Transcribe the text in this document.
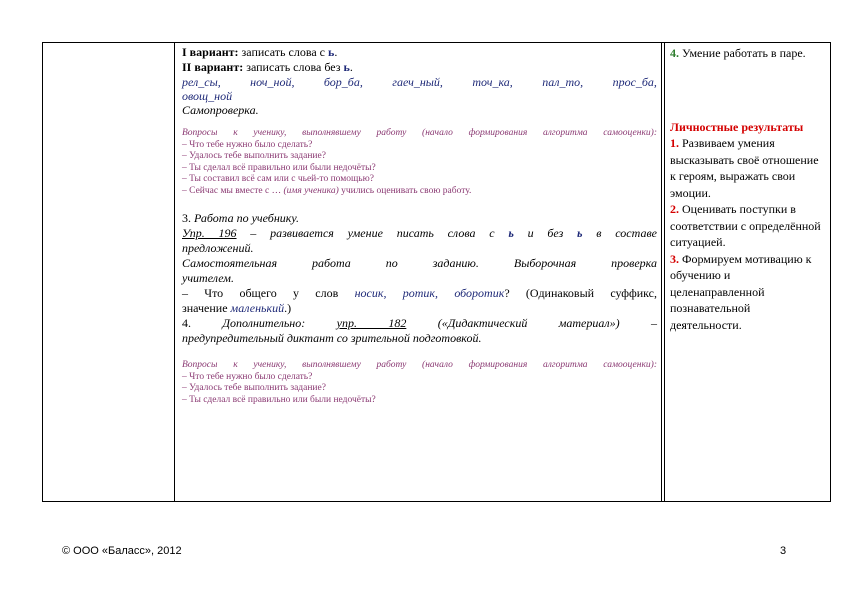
I вариант: записать слова с ь.

II вариант: записать слова без ь.

рел_сы, ноч_ной, бор_ба, гаеч_ный, точ_ка, пал_то, прос_ба,
овощ_ной

Самопроверка.

Вопросы к ученику, выполнявшему работу (начало формирования алгоритма самооценки):

– Что тебе нужно было сделать?

– Удалось тебе выполнить задание?

– Ты сделал всё правильно или были недочёты?

– Ты составил всё сам или с чьей-то помощью?

– Сейчас мы вместе с … (имя ученика) учились оценивать свою работу.

3. Работа по учебнику.

Упр. 196 – развивается умение писать слова с ь и без ь в составе

предложений.

Самостоятельная работа по заданию. Выборочная проверка

учителем.

– Что общего у слов носик, ротик, оборотик? (Одинаковый суффикс,

значение маленький.)

4. Дополнительно: упр. 182 («Дидактический материал») –

предупредительный диктант со зрительной подготовкой.

Вопросы к ученику, выполнявшему работу (начало формирования алгоритма самооценки):

– Что тебе нужно было сделать?

– Удалось тебе выполнить задание?

– Ты сделал всё правильно или были недочёты?

4. Умение работать в паре.

Личностные результаты

1. Развиваем умения высказывать своё отношение к героям, выражать свои эмоции.

2. Оценивать поступки в соответствии с определённой ситуацией.

3. Формируем мотивацию к обучению и целенаправленной познавательной деятельности.

© ООО «Баласс», 2012	3
